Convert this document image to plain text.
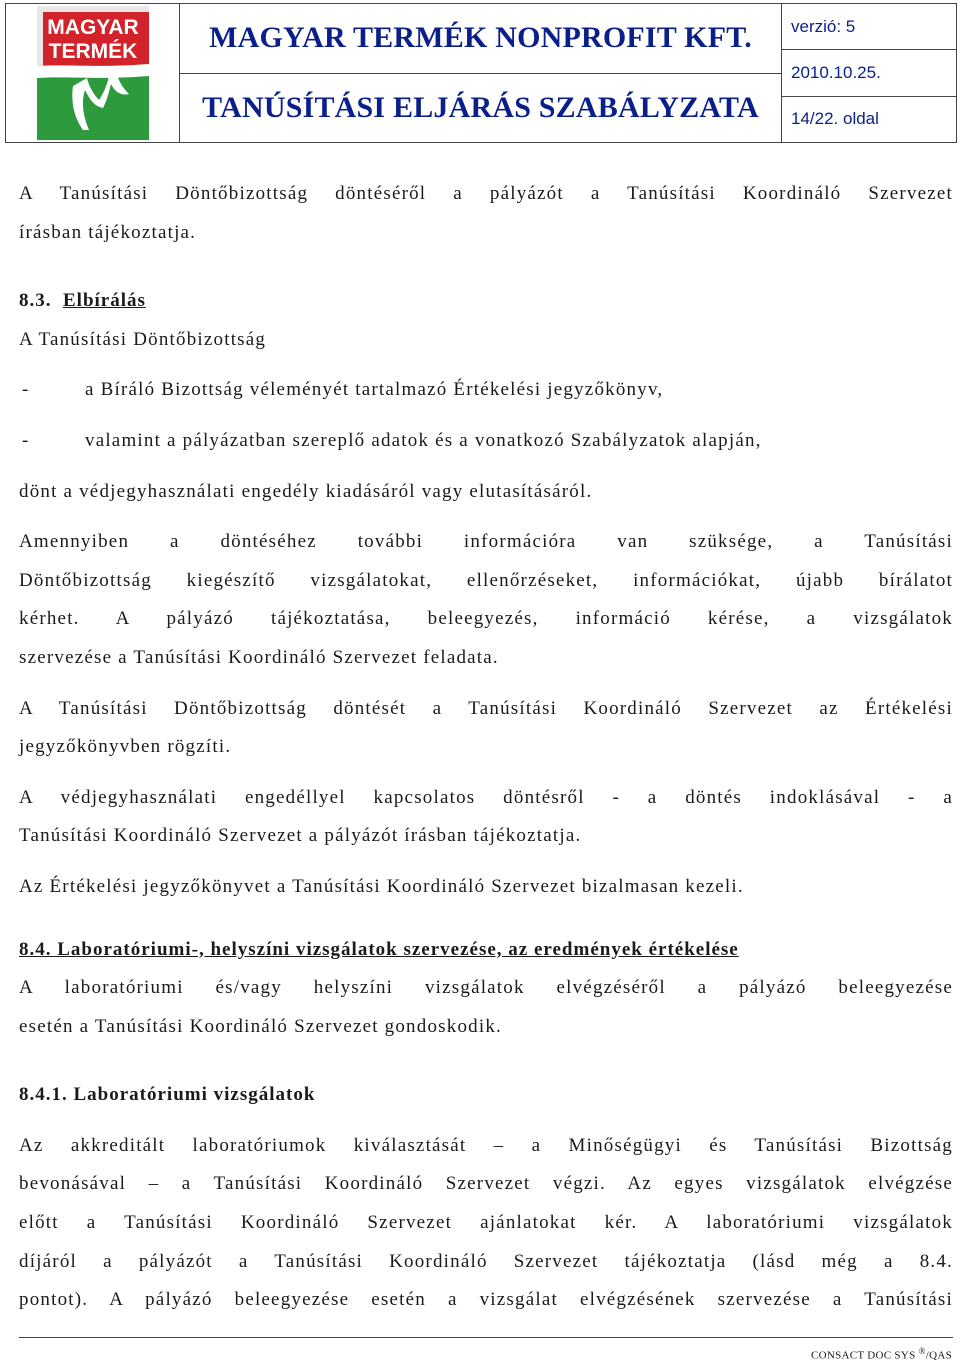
MAGYAR
TERMÉK	MAGYAR TERMÉK NONPROFIT KFT.
TANÚSÍTÁSI ELJÁRÁS SZABÁLYZATA
verzió: 5
2010.10.25.
14/22. oldal

A Tanúsítási Döntőbizottság döntéséről a pályázót a Tanúsítási Koordináló Szervezet

írásban tájékoztatja.

8.3. Elbírálás

A Tanúsítási Döntőbizottság

-	a Bíráló Bizottság véleményét tartalmazó Értékelési jegyzőkönyv,
-	valamint a pályázatban szereplő adatok és a vonatkozó Szabályzatok alapján,

dönt a védjegyhasználati engedély kiadásáról vagy elutasításáról.

Amennyiben a döntéséhez további információra van szüksége, a Tanúsítási

Döntőbizottság kiegészítő vizsgálatokat, ellenőrzéseket, információkat, újabb bírálatot

kérhet. A pályázó tájékoztatása, beleegyezés, információ kérése, a vizsgálatok

szervezése a Tanúsítási Koordináló Szervezet feladata.

A Tanúsítási Döntőbizottság döntését a Tanúsítási Koordináló Szervezet az Értékelési

jegyzőkönyvben rögzíti.

A védjegyhasználati engedéllyel kapcsolatos döntésről - a döntés indoklásával - a

Tanúsítási Koordináló Szervezet a pályázót írásban tájékoztatja.

Az Értékelési jegyzőkönyvet a Tanúsítási Koordináló Szervezet bizalmasan kezeli.

8.4. Laboratóriumi-, helyszíni vizsgálatok szervezése, az eredmények értékelése

A laboratóriumi és/vagy helyszíni vizsgálatok elvégzéséről a pályázó beleegyezése

esetén a Tanúsítási Koordináló Szervezet gondoskodik.

8.4.1. Laboratóriumi vizsgálatok

Az akkreditált laboratóriumok kiválasztását – a Minőségügyi és Tanúsítási Bizottság

bevonásával – a Tanúsítási Koordináló Szervezet végzi. Az egyes vizsgálatok elvégzése

előtt a Tanúsítási Koordináló Szervezet ajánlatokat kér. A laboratóriumi vizsgálatok

díjáról a pályázót a Tanúsítási Koordináló Szervezet tájékoztatja (lásd még a 8.4.

pontot). A pályázó beleegyezése esetén a vizsgálat elvégzésének szervezése a Tanúsítási

CONSACT DOC SYS ®/QAS
